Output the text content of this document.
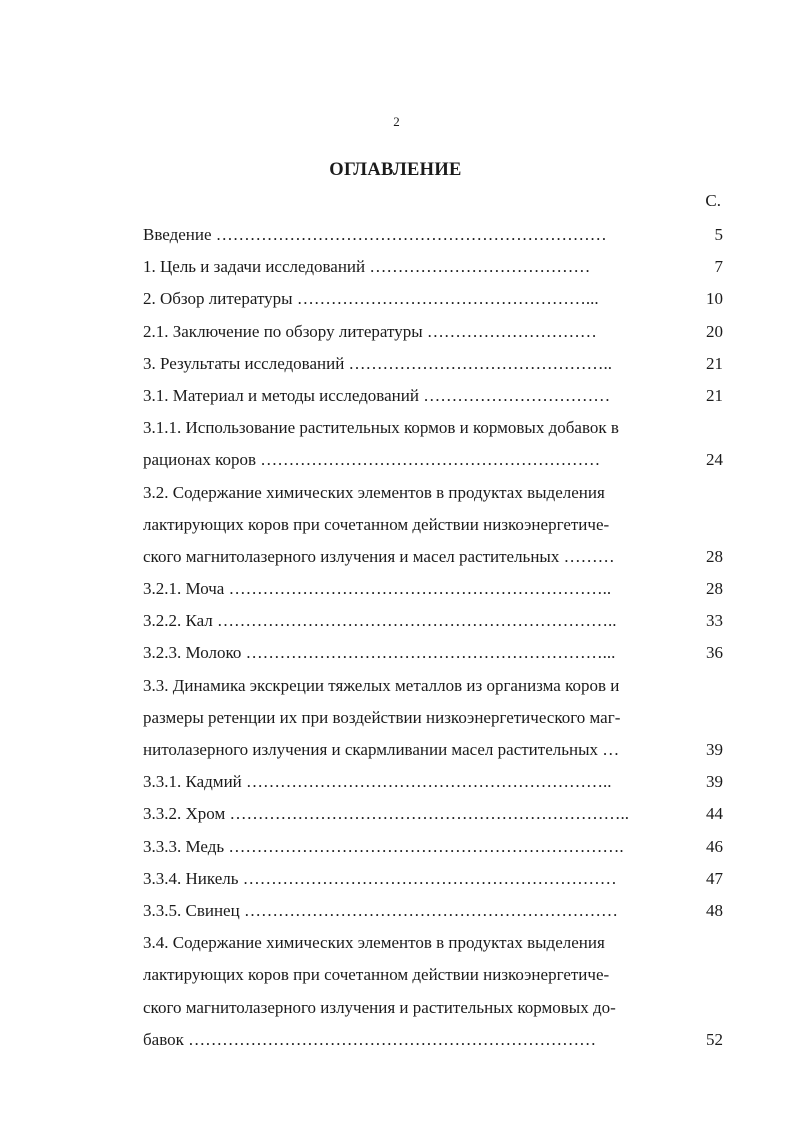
2
ОГЛАВЛЕНИЕ
С.
Введение ……………………………………………………………	5
1. Цель и задачи исследований …………………………………	7
2. Обзор литературы ……………………………………………...	10
2.1. Заключение по обзору литературы …………………………	20
3. Результаты исследований ………………………………………..	21
3.1. Материал и методы исследований ……………………………	21
3.1.1. Использование растительных кормов и кормовых добавок в
рационах коров ……………………………………………………	24
3.2. Содержание химических элементов в продуктах выделения
лактирующих коров при сочетанном действии низкоэнергетиче-
ского магнитолазерного излучения и масел растительных ………	28
3.2.1. Моча …………………………………………………………..	28
3.2.2. Кал ……………………………………………………………..	33
3.2.3. Молоко ………………………………………………………...	36
3.3. Динамика экскреции тяжелых металлов из организма коров и
размеры ретенции их при воздействии низкоэнергетического маг-
нитолазерного излучения и скармливании масел растительных …	39
3.3.1. Кадмий ………………………………………………………..	39
3.3.2. Хром ……………………………………………………………..	44
3.3.3. Медь …………………………………………………………….	46
3.3.4. Никель …………………………………………………………	47
3.3.5. Свинец …………………………………………………………	48
3.4. Содержание химических элементов в продуктах выделения
лактирующих коров при сочетанном действии низкоэнергетиче-
ского магнитолазерного излучения и растительных кормовых до-
бавок ………………………………………………………………	52
